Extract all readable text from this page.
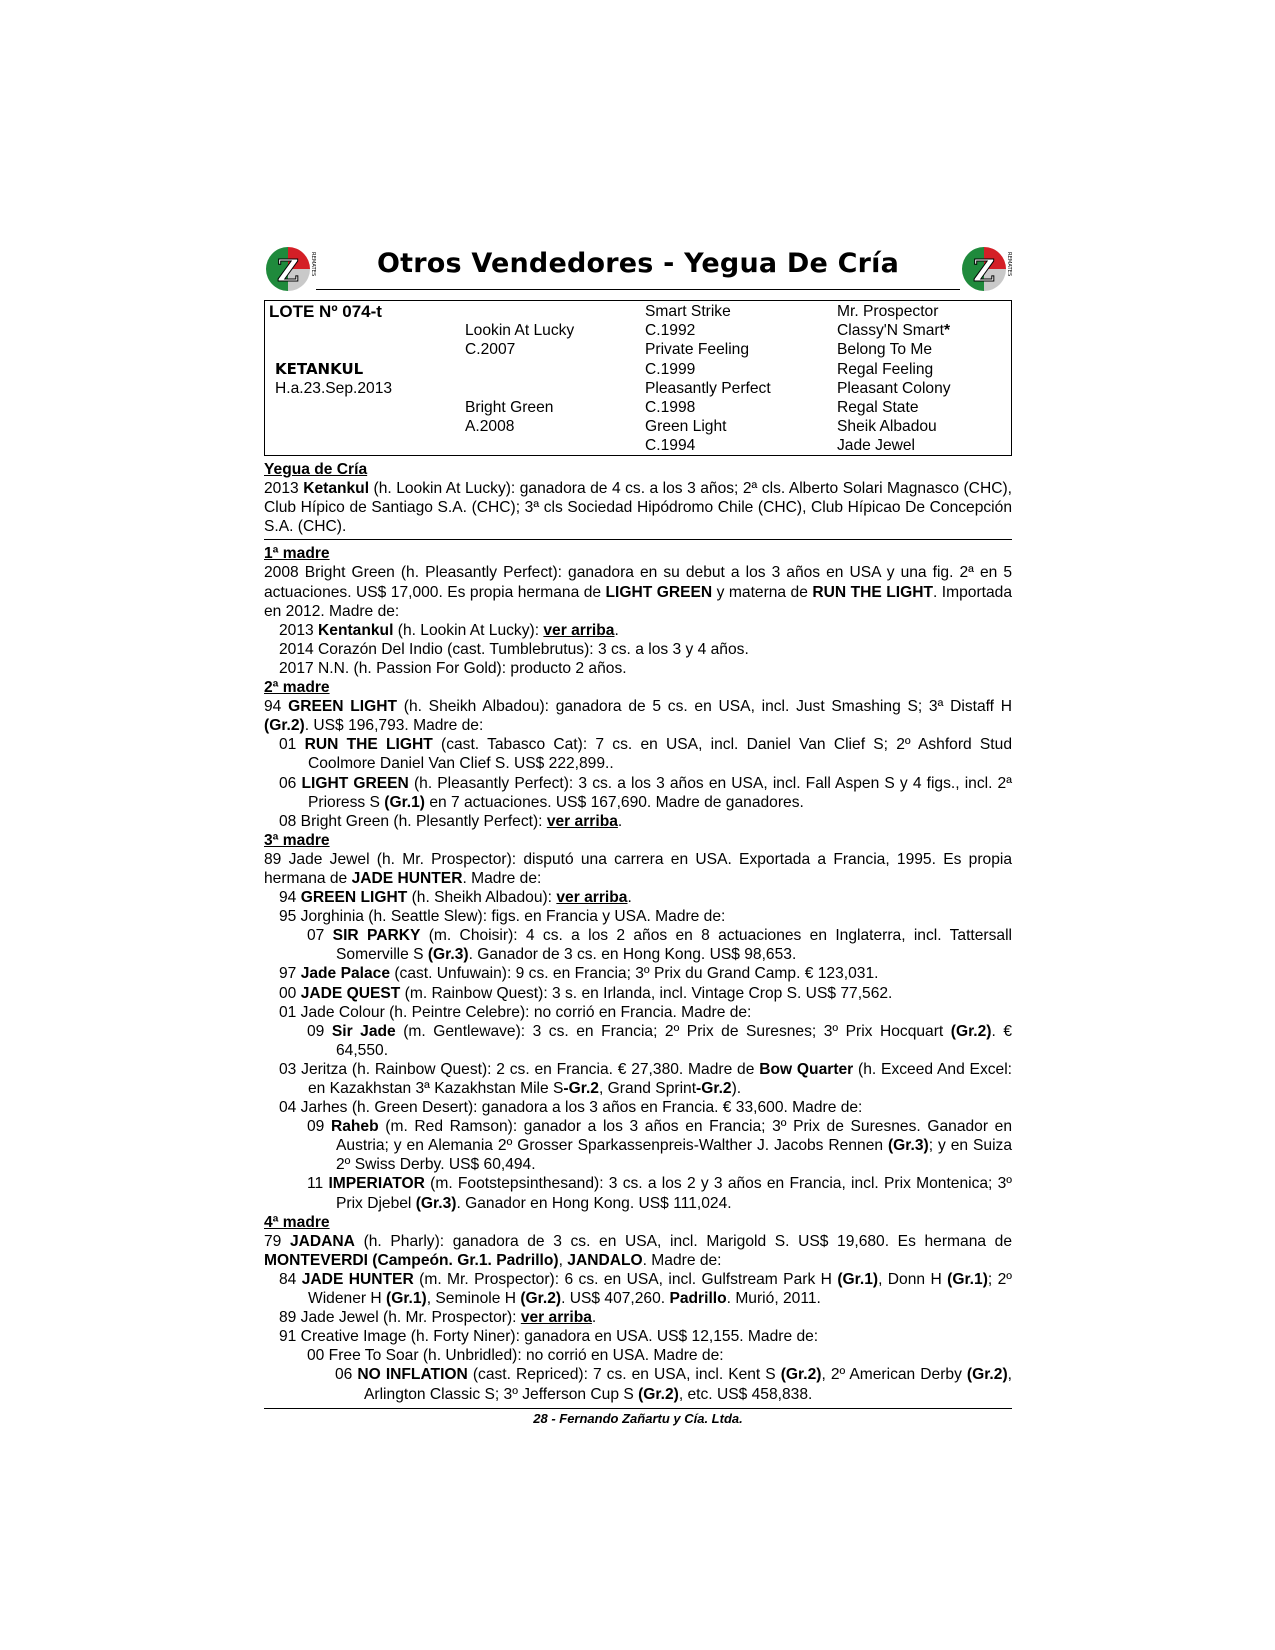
Z REMATES	Otros Vendedores - Yegua De Cría	Z REMATES
LOTE Nº 074-t
KETANKUL
H.a.23.Sep.2013
Lookin At Lucky
C.2007
Bright Green
A.2008
Smart Strike
C.1992
Private Feeling
C.1999
Pleasantly Perfect
C.1998
Green Light
C.1994
Mr. Prospector
Classy'N Smart*
Belong To Me
Regal Feeling
Pleasant Colony
Regal State
Sheik Albadou
Jade Jewel
Yegua de Cría

2013 Ketankul (h. Lookin At Lucky): ganadora de 4 cs. a los 3 años; 2ª cls. Alberto Solari Magnasco (CHC), Club Hípico de Santiago S.A. (CHC); 3ª cls Sociedad Hipódromo Chile (CHC), Club Hípicao De Concepción S.A. (CHC).

1ª madre

2008 Bright Green (h. Pleasantly Perfect): ganadora en su debut a los 3 años en USA y una fig. 2ª en 5 actuaciones. US$ 17,000. Es propia hermana de LIGHT GREEN y materna de RUN THE LIGHT. Importada en 2012. Madre de:

2013 Kentankul (h. Lookin At Lucky): ver arriba.

2014 Corazón Del Indio (cast. Tumblebrutus): 3 cs. a los 3 y 4 años.

2017 N.N. (h. Passion For Gold): producto 2 años.

2ª madre

94 GREEN LIGHT (h. Sheikh Albadou): ganadora de 5 cs. en USA, incl. Just Smashing S; 3ª Distaff H (Gr.2). US$ 196,793. Madre de:

01 RUN THE LIGHT (cast. Tabasco Cat): 7 cs. en USA, incl. Daniel Van Clief S; 2º Ashford Stud Coolmore Daniel Van Clief S. US$ 222,899..

06 LIGHT GREEN (h. Pleasantly Perfect): 3 cs. a los 3 años en USA, incl. Fall Aspen S y 4 figs., incl. 2ª Prioress S (Gr.1) en 7 actuaciones. US$ 167,690. Madre de ganadores.

08 Bright Green (h. Plesantly Perfect): ver arriba.

3ª madre

89 Jade Jewel (h. Mr. Prospector): disputó una carrera en USA. Exportada a Francia, 1995. Es propia hermana de JADE HUNTER. Madre de:

94 GREEN LIGHT (h. Sheikh Albadou): ver arriba.

95 Jorghinia (h. Seattle Slew): figs. en Francia y USA. Madre de:

07 SIR PARKY (m. Choisir): 4 cs. a los 2 años en 8 actuaciones en Inglaterra, incl. Tattersall Somerville S (Gr.3). Ganador de 3 cs. en Hong Kong. US$ 98,653.

97 Jade Palace (cast. Unfuwain): 9 cs. en Francia; 3º Prix du Grand Camp. € 123,031.

00 JADE QUEST (m. Rainbow Quest): 3 s. en Irlanda, incl. Vintage Crop S. US$ 77,562.

01 Jade Colour (h. Peintre Celebre): no corrió en Francia. Madre de:

09 Sir Jade (m. Gentlewave): 3 cs. en Francia; 2º Prix de Suresnes; 3º Prix Hocquart (Gr.2). € 64,550.

03 Jeritza (h. Rainbow Quest): 2 cs. en Francia. € 27,380. Madre de Bow Quarter (h. Exceed And Excel: en Kazakhstan 3ª Kazakhstan Mile S-Gr.2, Grand Sprint-Gr.2).

04 Jarhes (h. Green Desert): ganadora a los 3 años en Francia. € 33,600. Madre de:

09 Raheb (m. Red Ramson): ganador a los 3 años en Francia; 3º Prix de Suresnes. Ganador en Austria; y en Alemania 2º Grosser Sparkassenpreis-Walther J. Jacobs Rennen (Gr.3); y en Suiza 2º Swiss Derby. US$ 60,494.

11 IMPERIATOR (m. Footstepsinthesand): 3 cs. a los 2 y 3 años en Francia, incl. Prix Montenica; 3º Prix Djebel (Gr.3). Ganador en Hong Kong. US$ 111,024.

4ª madre

79 JADANA (h. Pharly): ganadora de 3 cs. en USA, incl. Marigold S. US$ 19,680. Es hermana de MONTEVERDI (Campeón. Gr.1. Padrillo), JANDALO. Madre de:

84 JADE HUNTER (m. Mr. Prospector): 6 cs. en USA, incl. Gulfstream Park H (Gr.1), Donn H (Gr.1); 2º Widener H (Gr.1), Seminole H (Gr.2). US$ 407,260. Padrillo. Murió, 2011.

89 Jade Jewel (h. Mr. Prospector): ver arriba.

91 Creative Image (h. Forty Niner): ganadora en USA. US$ 12,155. Madre de:

00 Free To Soar (h. Unbridled): no corrió en USA. Madre de:

06 NO INFLATION (cast. Repriced): 7 cs. en USA, incl. Kent S (Gr.2), 2º American Derby (Gr.2), Arlington Classic S; 3º Jefferson Cup S (Gr.2), etc. US$ 458,838.

28 - Fernando Zañartu y Cía. Ltda.
